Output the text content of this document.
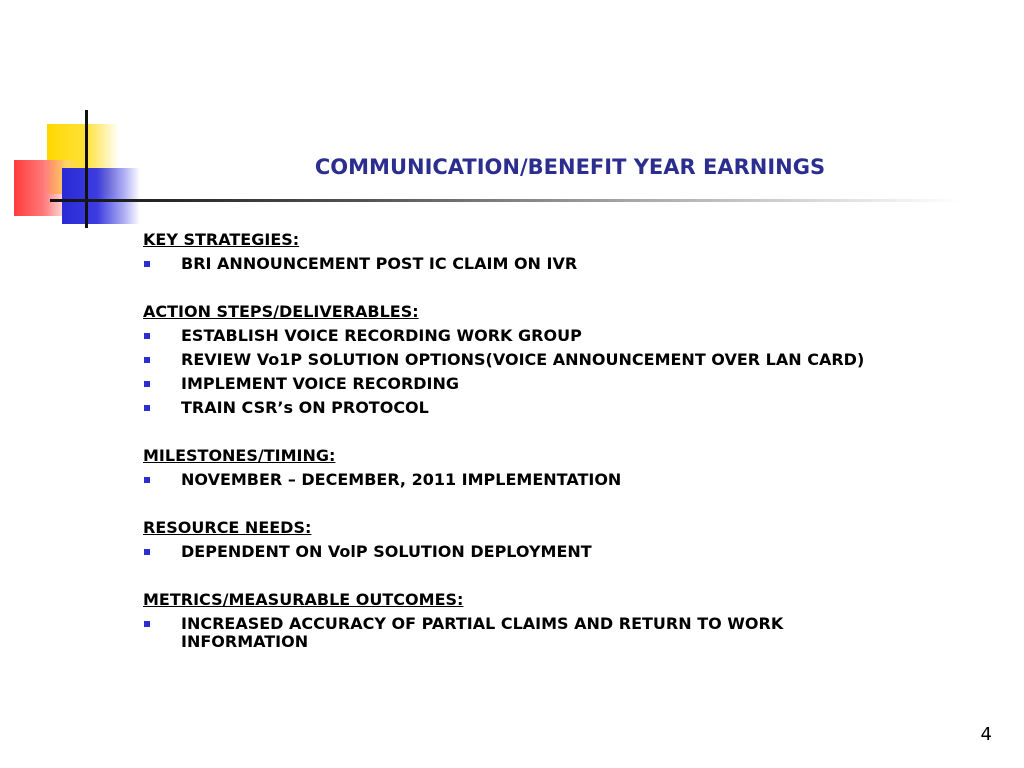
COMMUNICATION/BENEFIT YEAR EARNINGS
KEY STRATEGIES:
BRI ANNOUNCEMENT POST IC CLAIM ON IVR
ACTION STEPS/DELIVERABLES:
ESTABLISH VOICE RECORDING WORK GROUP
REVIEW Vo1P SOLUTION OPTIONS(VOICE ANNOUNCEMENT OVER LAN CARD)
IMPLEMENT VOICE RECORDING
TRAIN CSR’s ON PROTOCOL
MILESTONES/TIMING:
NOVEMBER – DECEMBER, 2011 IMPLEMENTATION
RESOURCE NEEDS:
DEPENDENT ON VolP SOLUTION DEPLOYMENT
METRICS/MEASURABLE OUTCOMES:
INCREASED ACCURACY OF PARTIAL CLAIMS AND RETURN TO WORK INFORMATION
4
